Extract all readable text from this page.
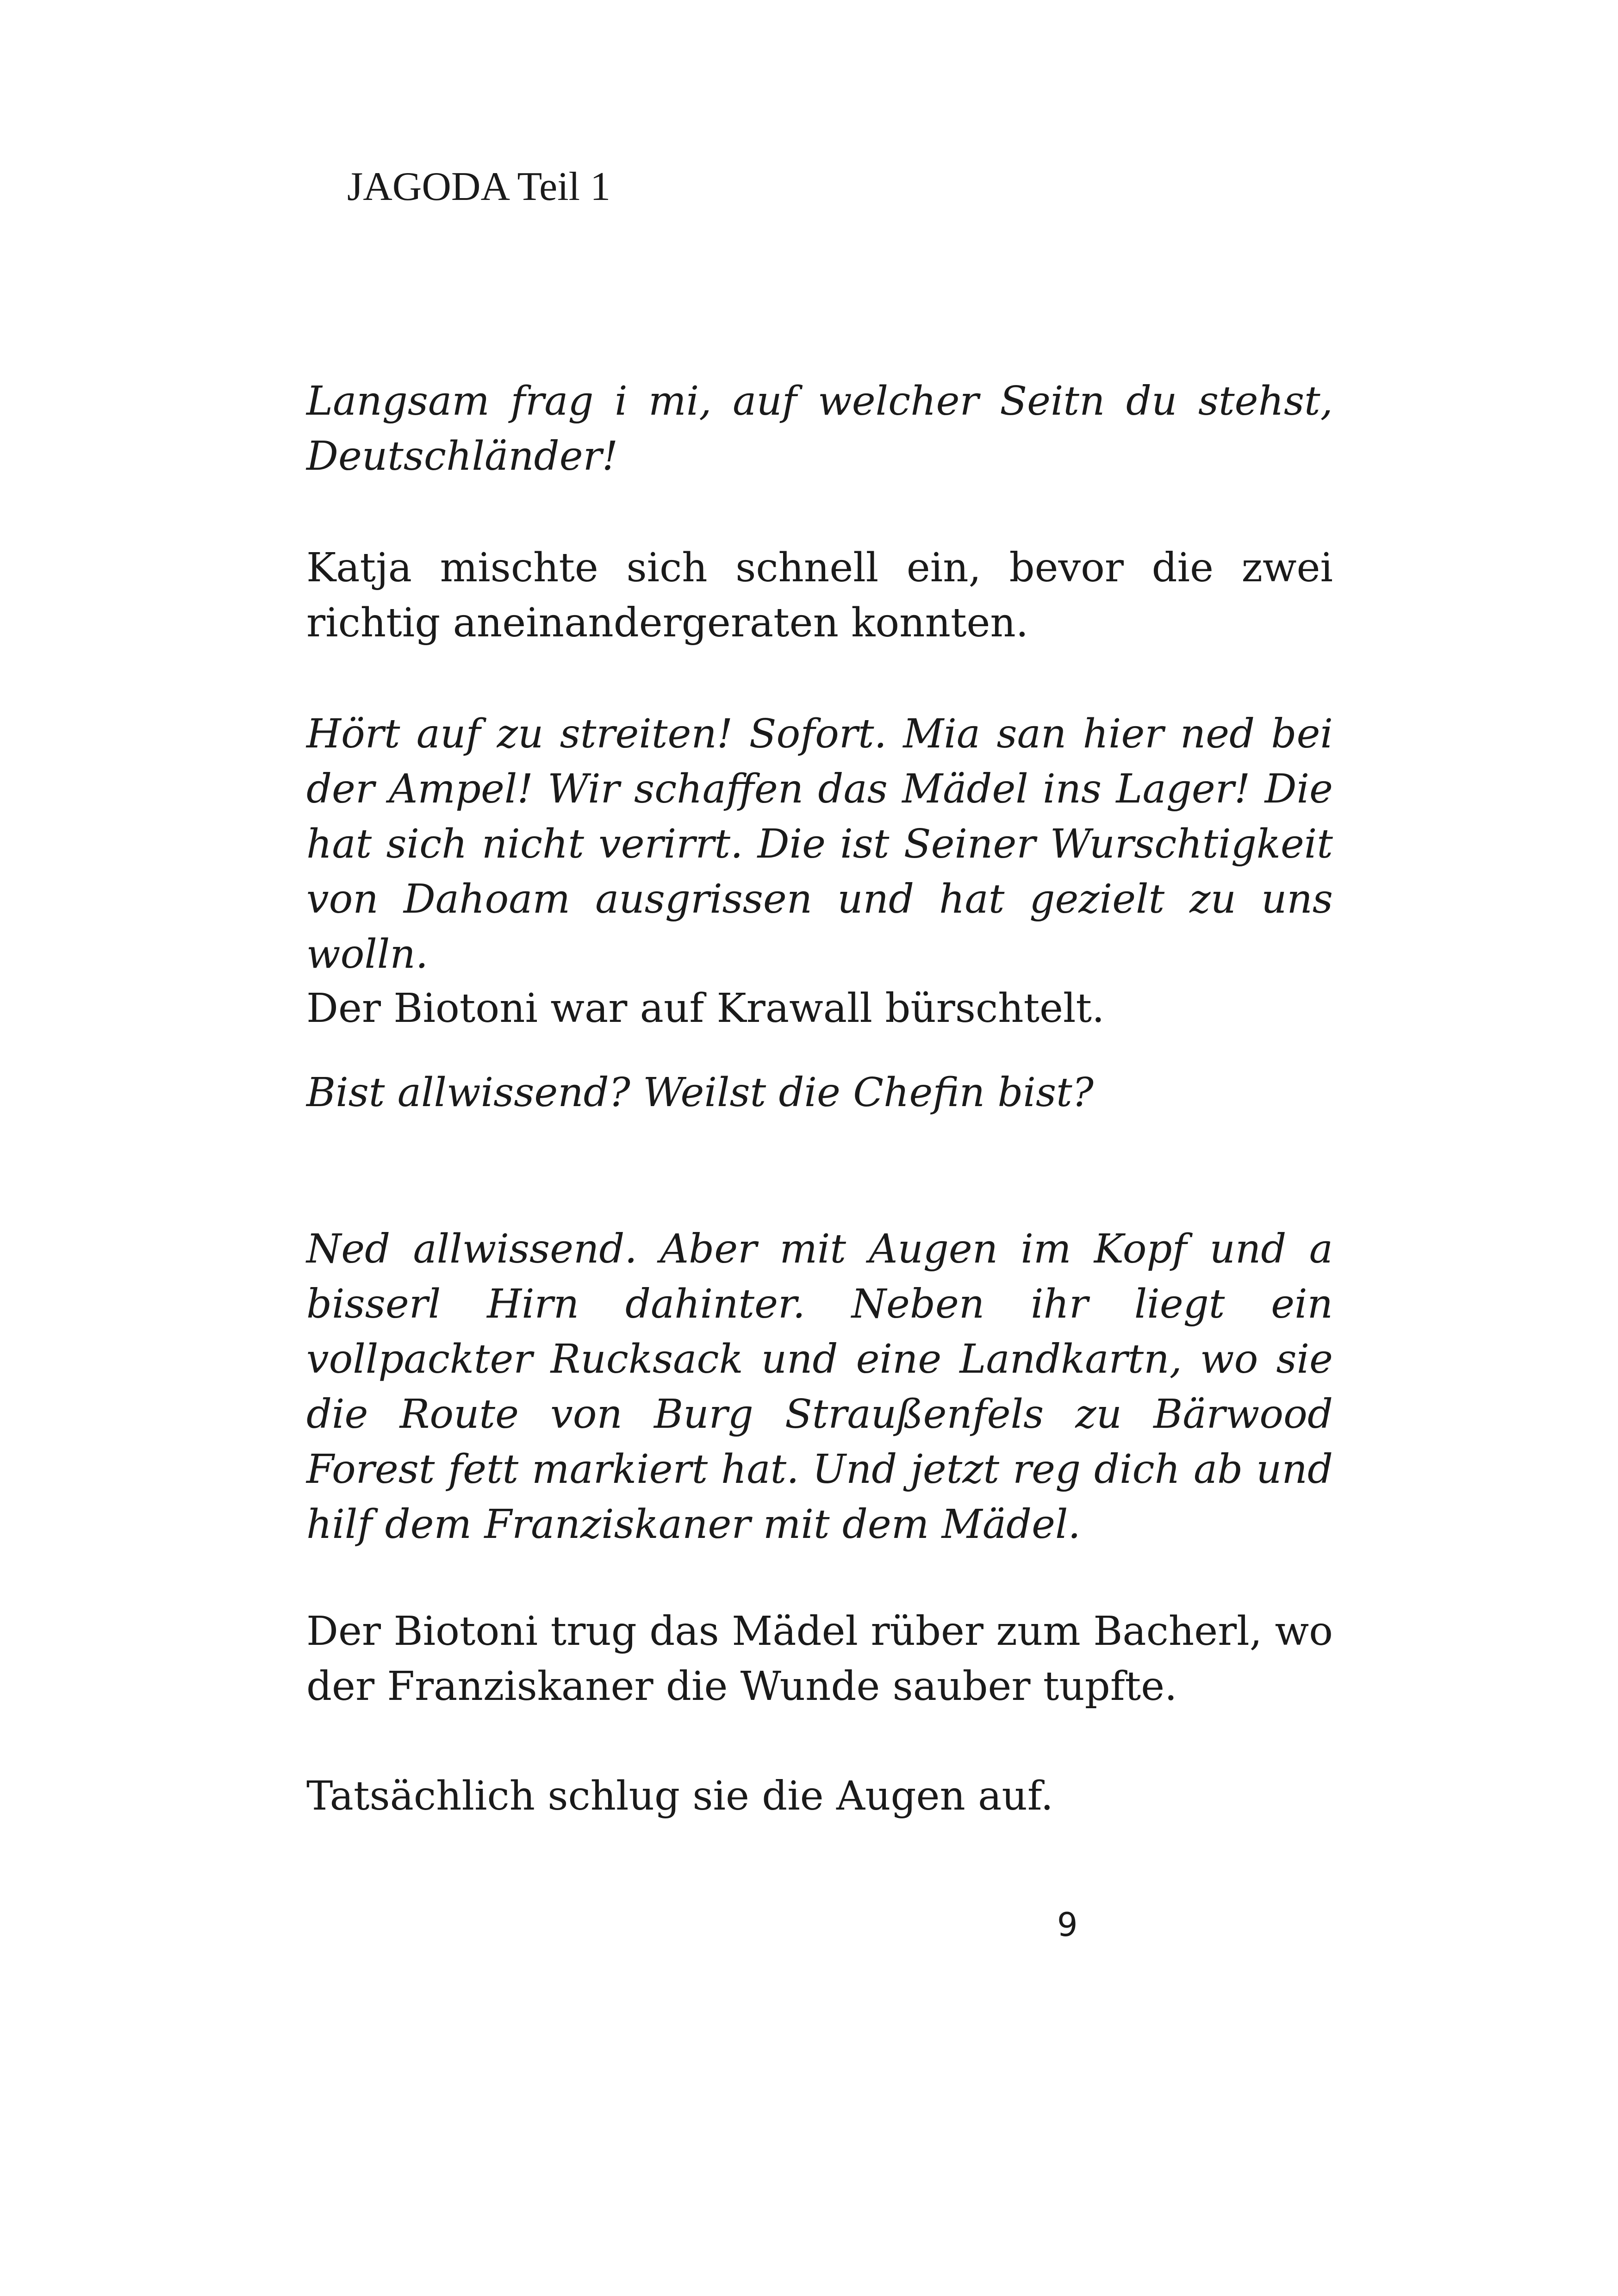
JAGODA Teil 1

Langsam frag i mi, auf welcher Seitn du stehst, Deutschländer!

Katja mischte sich schnell ein, bevor die zwei richtig aneinandergeraten konnten.

Hört auf zu streiten! Sofort. Mia san hier ned bei der Ampel! Wir schaffen das Mädel ins Lager! Die hat sich nicht verirrt. Die ist Seiner Wurschtigkeit von Dahoam ausgrissen und hat gezielt zu uns wolln.

Der Biotoni war auf Krawall bürschtelt.

Bist allwissend? Weilst die Chefin bist?

Ned allwissend. Aber mit Augen im Kopf und a bisserl Hirn dahinter. Neben ihr liegt ein vollpackter Rucksack und eine Landkartn, wo sie die Route von Burg Straußenfels zu Bärwood Forest fett markiert hat. Und jetzt reg dich ab und hilf dem Franziskaner mit dem Mädel.

Der Biotoni trug das Mädel rüber zum Bacherl, wo der Franziskaner die Wunde sauber tupfte.

Tatsächlich schlug sie die Augen auf.

9
